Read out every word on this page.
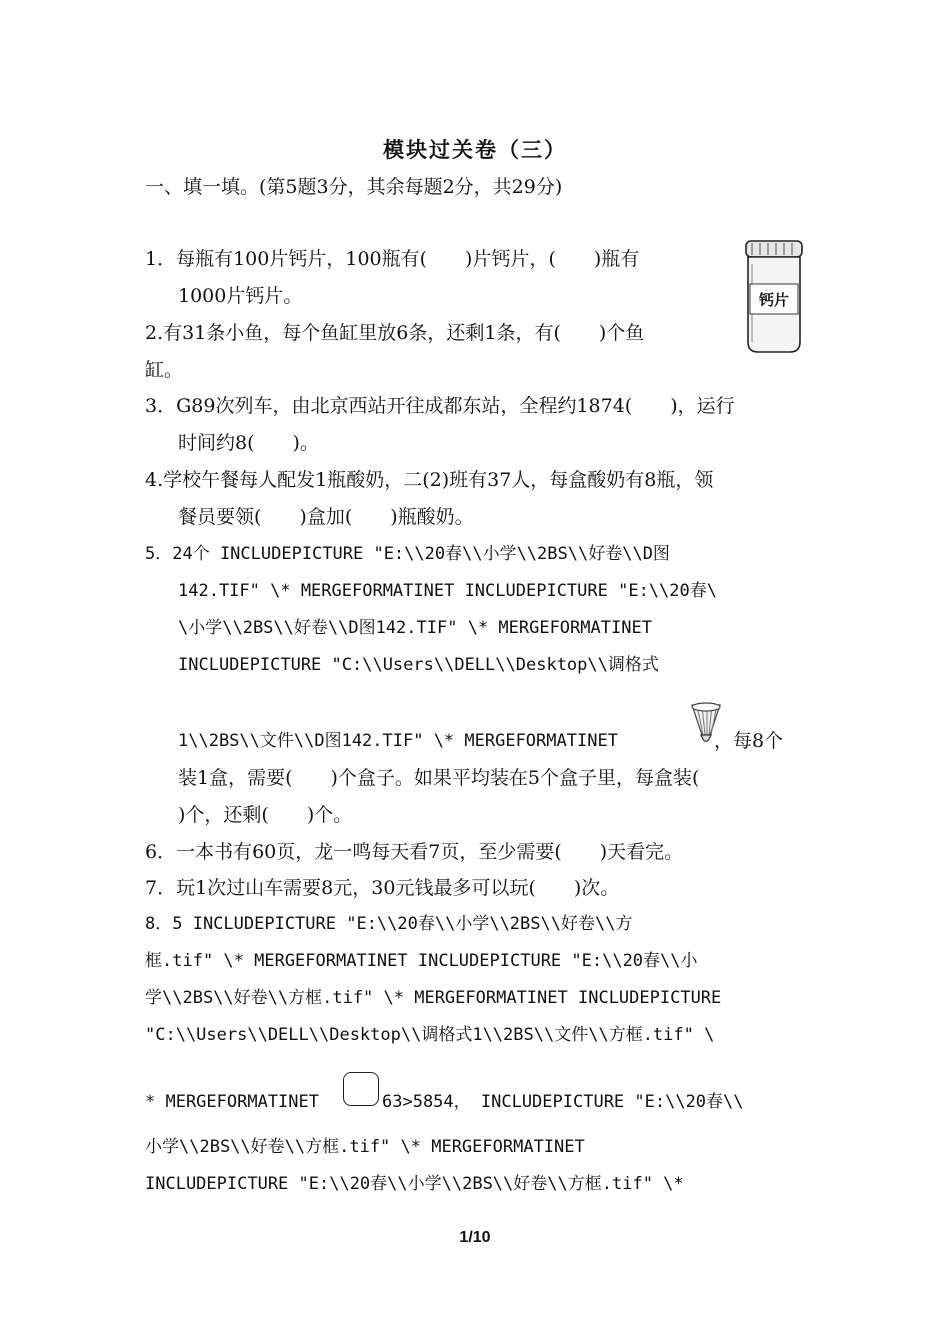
模块过关卷（三）
一、填一填。(第5题3分，其余每题2分，共29分)
1．每瓶有100片钙片，100瓶有(　　)片钙片，(　　)瓶有
1000片钙片。	钙片
2.有31条小鱼，每个鱼缸里放6条，还剩1条，有(　　)个鱼
缸。
3．G89次列车，由北京西站开往成都东站，全程约1874(　　)，运行
时间约8(　　)。
4.学校午餐每人配发1瓶酸奶，二(2)班有37人，每盒酸奶有8瓶，领
餐员要领(　　)盒加(　　)瓶酸奶。
5．24个 INCLUDEPICTURE "E:\\20春\\小学\\2BS\\好卷\\D图
142.TIF" \* MERGEFORMATINET INCLUDEPICTURE "E:\\20春\
\小学\\2BS\\好卷\\D图142.TIF" \* MERGEFORMATINET
INCLUDEPICTURE "C:\\Users\\DELL\\Desktop\\调格式
1\\2BS\\文件\\D图142.TIF" \* MERGEFORMATINET	，每8个
装1盒，需要(　　)个盒子。如果平均装在5个盒子里，每盒装(
)个，还剩(　　)个。
6．一本书有60页，龙一鸣每天看7页，至少需要(　　)天看完。
7．玩1次过山车需要8元，30元钱最多可以玩(　　)次。
8．5 INCLUDEPICTURE "E:\\20春\\小学\\2BS\\好卷\\方
框.tif" \* MERGEFORMATINET INCLUDEPICTURE "E:\\20春\\小
学\\2BS\\好卷\\方框.tif" \* MERGEFORMATINET INCLUDEPICTURE
"C:\\Users\\DELL\\Desktop\\调格式1\\2BS\\文件\\方框.tif" \
* MERGEFORMATINET	63>5854， INCLUDEPICTURE "E:\\20春\\
小学\\2BS\\好卷\\方框.tif" \* MERGEFORMATINET
INCLUDEPICTURE "E:\\20春\\小学\\2BS\\好卷\\方框.tif" \*
1/10
